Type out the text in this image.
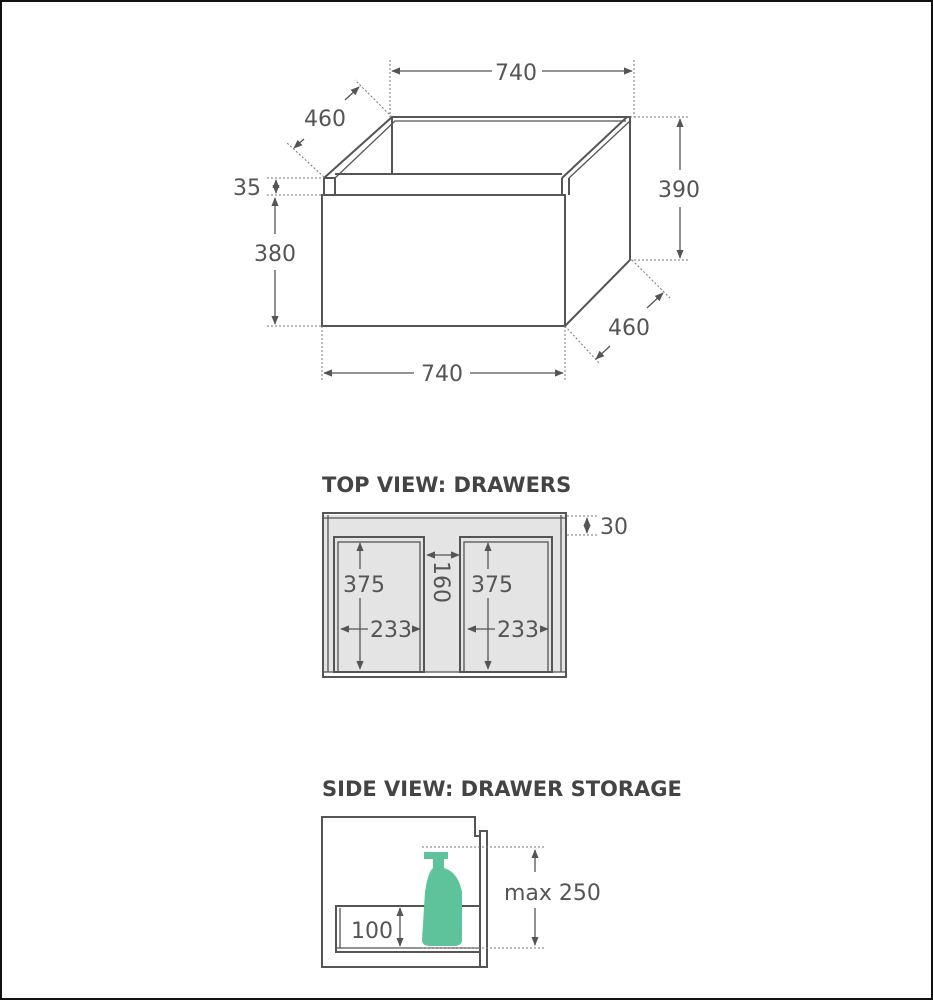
740
460
35
380
390
460
740
TOP VIEW: DRAWERS
30
375
233
160 375
233
SIDE VIEW: DRAWER STORAGE
max 250
100
